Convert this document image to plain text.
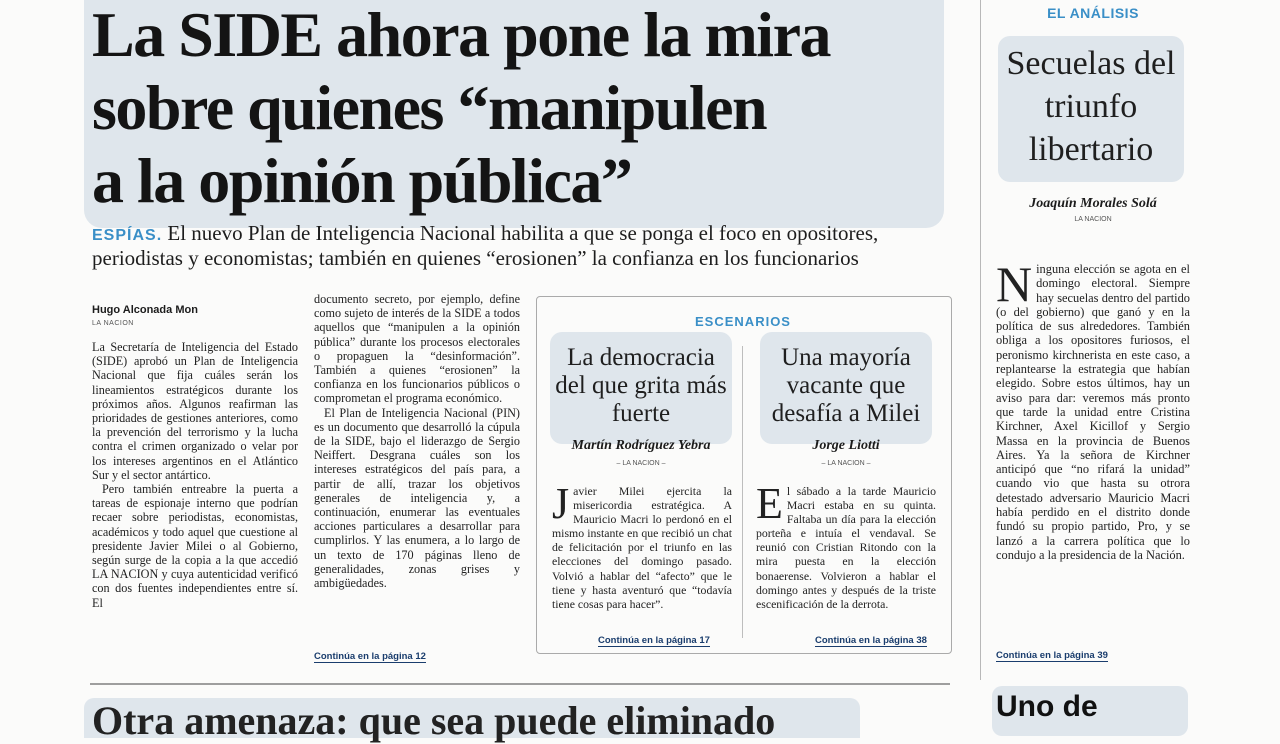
La SIDE ahora pone la mira
sobre quienes “manipulen
a la opinión pública”
ESPÍAS. El nuevo Plan de Inteligencia Nacional habilita a que se ponga el foco en opositores, periodistas y economistas; también en quienes “erosionen” la confianza en los funcionarios
Hugo Alconada Mon
LA NACION

La Secretaría de Inteligencia del Estado (SIDE) aprobó un Plan de Inteligencia Nacional que fija cuáles serán los lineamientos estratégicos durante los próximos años. Algunos reafirman las prioridades de gestiones anteriores, como la prevención del terrorismo y la lucha contra el crimen organizado o velar por los intereses argentinos en el Atlántico Sur y el sector antártico.

Pero también entreabre la puerta a tareas de espionaje interno que podrían recaer sobre periodistas, economistas, académicos y todo aquel que cuestione al presidente Javier Milei o al Gobierno, según surge de la copia a la que accedió LA NACION y cuya autenticidad verificó con dos fuentes independientes entre sí. El

documento secreto, por ejemplo, define como sujeto de interés de la SIDE a todos aquellos que “manipulen a la opinión pública” durante los procesos electorales o propaguen la “desinformación”. También a quienes “erosionen” la confianza en los funcionarios públicos o comprometan el programa económico.

El Plan de Inteligencia Nacional (PIN) es un documento que desarrolló la cúpula de la SIDE, bajo el liderazgo de Sergio Neiffert. Desgrana cuáles son los intereses estratégicos del país para, a partir de allí, trazar los objetivos generales de inteligencia y, a continuación, enumerar las eventuales acciones particulares a desarrollar para cumplirlos. Y las enumera, a lo largo de un texto de 170 páginas lleno de generalidades, zonas grises y ambigüedades.

Continúa en la página 12
ESCENARIOS
La democracia del que grita más fuerte
Una mayoría vacante que desafía a Milei
Martín Rodríguez Yebra
– LA NACION –
Jorge Liotti
– LA NACION –
Javier Milei ejercita la misericordia estratégica. A Mauricio Macri lo perdonó en el mismo instante en que recibió un chat de felicitación por el triunfo en las elecciones del domingo pasado. Volvió a hablar del “afecto” que le tiene y hasta aventuró que “todavía tiene cosas para hacer”.
Continúa en la página 17
El sábado a la tarde Mauricio Macri estaba en su quinta. Faltaba un día para la elección porteña e intuía el vendaval. Se reunió con Cristian Ritondo con la mira puesta en la elección bonaerense. Volvieron a hablar el domingo antes y después de la triste escenificación de la derrota.
Continúa en la página 38
EL ANÁLISIS
Secuelas del triunfo libertario
Joaquín Morales Solá
LA NACION
Ninguna elección se agota en el domingo electoral. Siempre hay secuelas dentro del partido (o del gobierno) que ganó y en la política de sus alrededores. También obliga a los opositores furiosos, el peronismo kirchnerista en este caso, a replantearse la estrategia que habían elegido. Sobre estos últimos, hay un aviso para dar: veremos más pronto que tarde la unidad entre Cristina Kirchner, Axel Kicillof y Sergio Massa en la provincia de Buenos Aires. Ya la señora de Kirchner anticipó que “no rifará la unidad” cuando vio que hasta su otrora detestado adversario Mauricio Macri había perdido en el distrito donde fundó su propio partido, Pro, y se lanzó a la carrera política que lo condujo a la presidencia de la Nación.
Continúa en la página 39
Otra amenaza: que sea puede eliminado	Uno de
